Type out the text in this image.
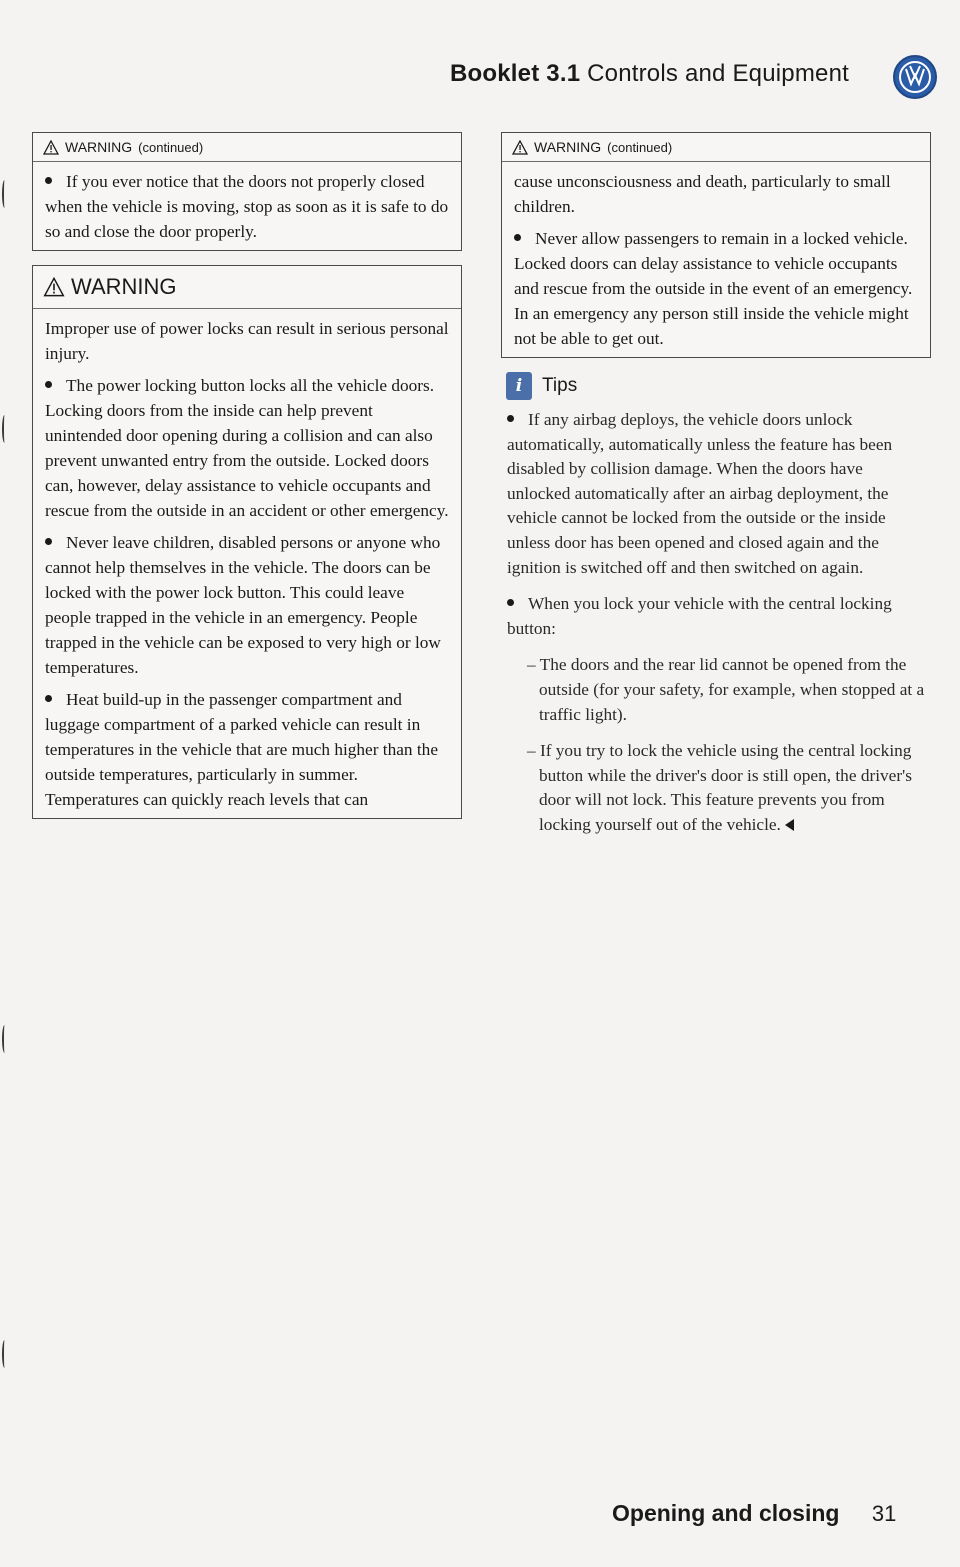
Booklet 3.1 Controls and Equipment
WARNING (continued)

If you ever notice that the doors not properly closed when the vehicle is moving, stop as soon as it is safe to do so and close the door properly.

WARNING

Improper use of power locks can result in serious personal injury.

The power locking button locks all the vehicle doors. Locking doors from the inside can help prevent unintended door opening during a collision and can also prevent unwanted entry from the outside. Locked doors can, however, delay assistance to vehicle occupants and rescue from the outside in an accident or other emergency.

Never leave children, disabled persons or anyone who cannot help themselves in the vehicle. The doors can be locked with the power lock button. This could leave people trapped in the vehicle in an emergency. People trapped in the vehicle can be exposed to very high or low temperatures.

Heat build-up in the passenger compartment and luggage compartment of a parked vehicle can result in temperatures in the vehicle that are much higher than the outside temperatures, particularly in summer. Temperatures can quickly reach levels that can

WARNING (continued)

cause unconsciousness and death, particularly to small children.

Never allow passengers to remain in a locked vehicle. Locked doors can delay assistance to vehicle occupants and rescue from the outside in the event of an emergency. In an emergency any person still inside the vehicle might not be able to get out.

i	Tips

If any airbag deploys, the vehicle doors unlock automatically, automatically unless the feature has been disabled by collision damage. When the doors have unlocked automatically after an airbag deployment, the vehicle cannot be locked from the outside or the inside unless door has been opened and closed again and the ignition is switched off and then switched on again.

When you lock your vehicle with the central locking button:

– The doors and the rear lid cannot be opened from the outside (for your safety, for example, when stopped at a traffic light).

– If you try to lock the vehicle using the central locking button while the driver's door is still open, the driver's door will not lock. This feature prevents you from locking yourself out of the vehicle.

Opening and closing 31
